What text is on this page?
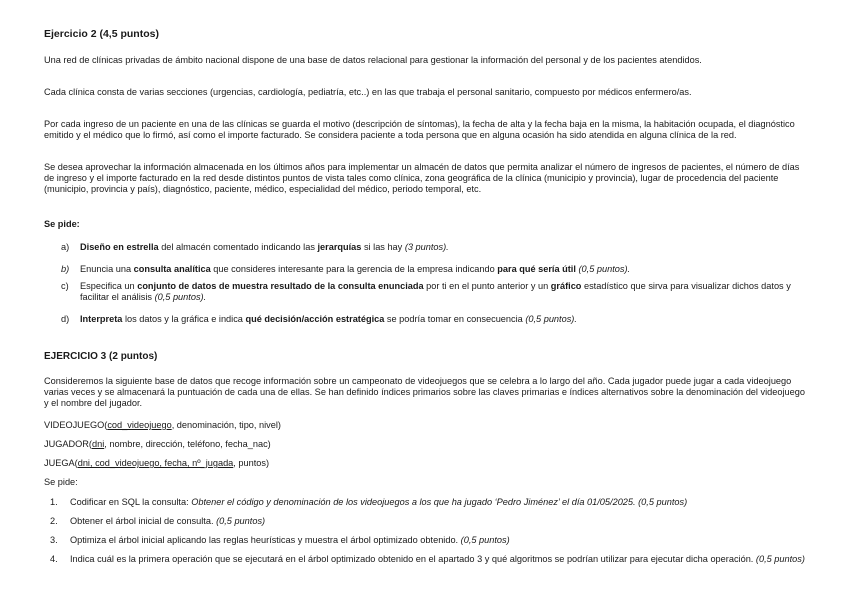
Ejercicio 2 (4,5 puntos)

Una red de clínicas privadas de ámbito nacional dispone de una base de datos relacional para gestionar la información del personal y de los pacientes atendidos.

Cada clínica consta de varias secciones (urgencias, cardiología, pediatría, etc..) en las que trabaja el personal sanitario, compuesto por médicos enfermero/as.

Por cada ingreso de un paciente en una de las clínicas se guarda el motivo (descripción de síntomas), la fecha de alta y la fecha baja en la misma, la habitación ocupada, el diagnóstico emitido y el médico que lo firmó, así como el importe facturado. Se considera paciente a toda persona que en alguna ocasión ha sido atendida en alguna clínica de la red.

Se desea aprovechar la información almacenada en los últimos años para implementar un almacén de datos que permita analizar el número de ingresos de pacientes, el número de días de ingreso y el importe facturado en la red desde distintos puntos de vista tales como clínica, zona geográfica de la clínica (municipio y provincia), lugar de procedencia del paciente (municipio, provincia y país), diagnóstico, paciente, médico, especialidad del médico, periodo temporal, etc.

Se pide:

a) Diseño en estrella del almacén comentado indicando las jerarquías si las hay (3 puntos).
b) Enuncia una consulta analítica que consideres interesante para la gerencia de la empresa indicando para qué sería útil (0,5 puntos).
c) Especifica un conjunto de datos de muestra resultado de la consulta enunciada por ti en el punto anterior y un gráfico estadístico que sirva para visualizar dichos datos y facilitar el análisis (0,5 puntos).
d) Interpreta los datos y la gráfica e indica qué decisión/acción estratégica se podría tomar en consecuencia (0,5 puntos).
EJERCICIO 3 (2 puntos)

Consideremos la siguiente base de datos que recoge información sobre un campeonato de videojuegos que se celebra a lo largo del año. Cada jugador puede jugar a cada videojuego varias veces y se almacenará la puntuación de cada una de ellas. Se han definido índices primarios sobre las claves primarias e índices alternativos sobre la denominación del videojuego y el nombre del jugador.

VIDEOJUEGO(cod_videojuego, denominación, tipo, nivel)

JUGADOR(dni, nombre, dirección, teléfono, fecha_nac)

JUEGA(dni, cod_videojuego, fecha, nº_jugada, puntos)

Se pide:

1. Codificar en SQL la consulta: Obtener el código y denominación de los videojuegos a los que ha jugado ‘Pedro Jiménez’ el día 01/05/2025. (0,5 puntos)
2. Obtener el árbol inicial de consulta. (0,5 puntos)
3. Optimiza el árbol inicial aplicando las reglas heurísticas y muestra el árbol optimizado obtenido. (0,5 puntos)
4. Indica cuál es la primera operación que se ejecutará en el árbol optimizado obtenido en el apartado 3 y qué algoritmos se podrían utilizar para ejecutar dicha operación. (0,5 puntos)
